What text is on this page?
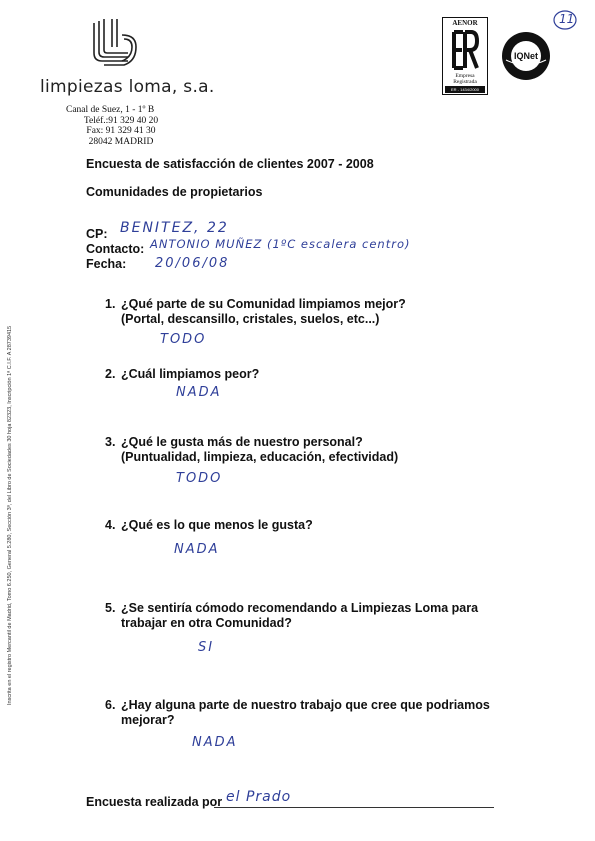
limpiezas loma, s.a.
Canal de Suez, 1 - 1º B
Teléf.:91 329 40 20
Fax: 91 329 41 30
28042 MADRID
AENOR
Empresa
Registrada
ER - 1434/2000
IQNet
11
Inscrita en el registro Mercantil de Madrid, Tomo 6.250, General 5.280, Sección 3ª, del Libro de Sociedades 30 hoja 82323, Inscripción 1ª C.I.F. A 28739415
Encuesta de satisfacción de clientes 2007 - 2008
Comunidades de propietarios
CP: BENITEZ, 22
Contacto: ANTONIO MUÑEZ (1ºC escalera centro)
Fecha: 20/06/08
1. ¿Qué parte de su Comunidad limpiamos mejor?
(Portal, descansillo, cristales, suelos, etc...)
TODO
2. ¿Cuál limpiamos peor?
NADA
3. ¿Qué le gusta más de nuestro personal?
(Puntualidad, limpieza, educación, efectividad)
TODO
4. ¿Qué es lo que menos le gusta?
NADA
5. ¿Se sentiría cómodo recomendando a Limpiezas Loma para
trabajar en otra Comunidad?
SI
6. ¿Hay alguna parte de nuestro trabajo que cree que podriamos
mejorar?
NADA
Encuesta realizada por el Prado
